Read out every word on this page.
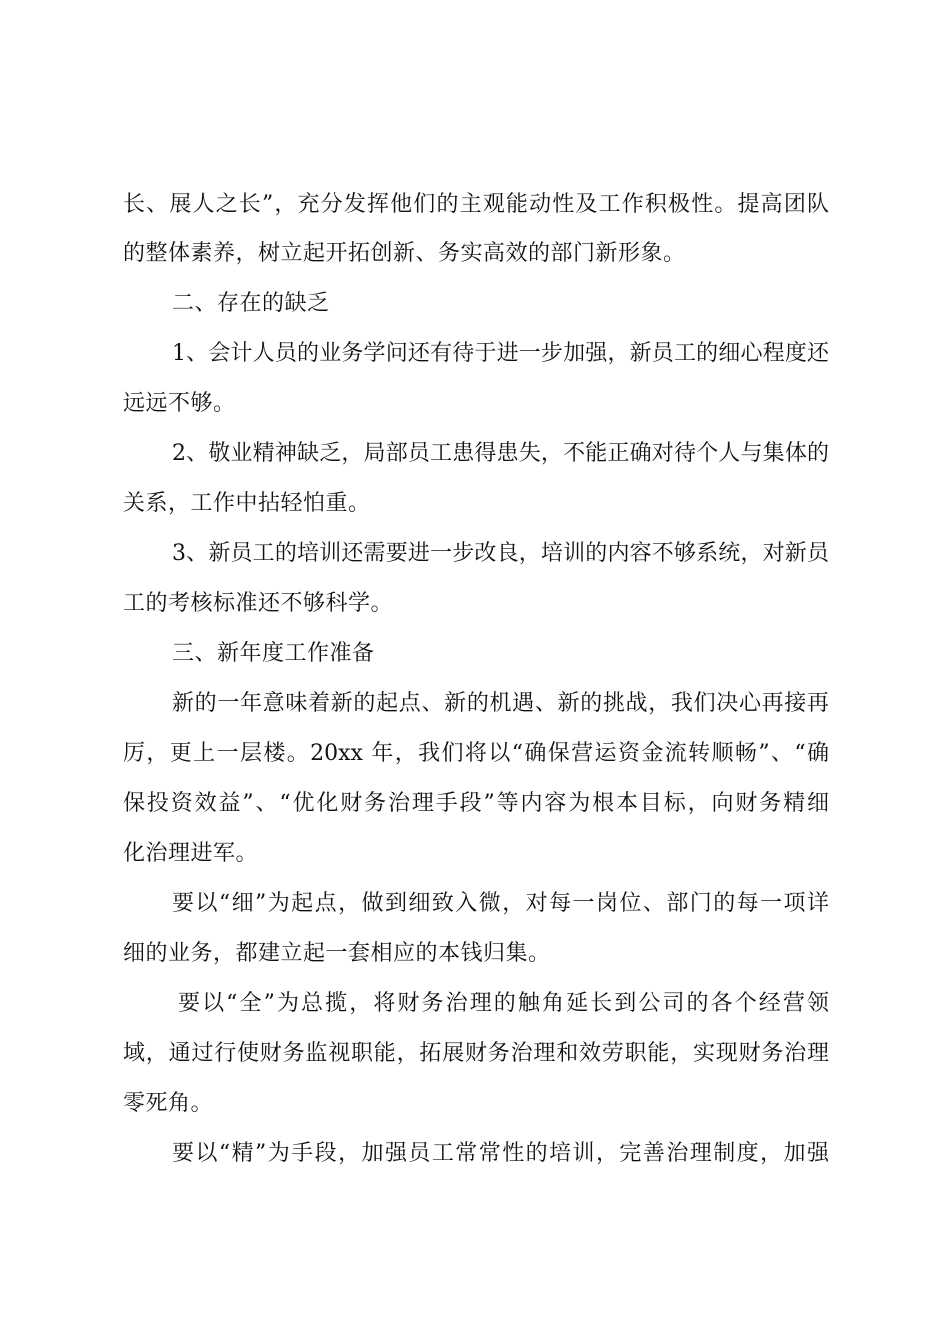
长、展人之长”，充分发挥他们的主观能动性及工作积极性。提高团队
的整体素养，树立起开拓创新、务实高效的部门新形象。
二、存在的缺乏
1、会计人员的业务学问还有待于进一步加强，新员工的细心程度还
远远不够。
2、敬业精神缺乏，局部员工患得患失，不能正确对待个人与集体的
关系，工作中拈轻怕重。
3、新员工的培训还需要进一步改良，培训的内容不够系统，对新员
工的考核标准还不够科学。
三、新年度工作准备
新的一年意味着新的起点、新的机遇、新的挑战，我们决心再接再
厉，更上一层楼。20xx 年，我们将以“确保营运资金流转顺畅”、“确
保投资效益”、“优化财务治理手段”等内容为根本目标，向财务精细
化治理进军。
要以“细”为起点，做到细致入微，对每一岗位、部门的每一项详
细的业务，都建立起一套相应的本钱归集。
要以“全”为总揽，将财务治理的触角延长到公司的各个经营领
域，通过行使财务监视职能，拓展财务治理和效劳职能，实现财务治理
零死角。
要以“精”为手段，加强员工常常性的培训，完善治理制度，加强
